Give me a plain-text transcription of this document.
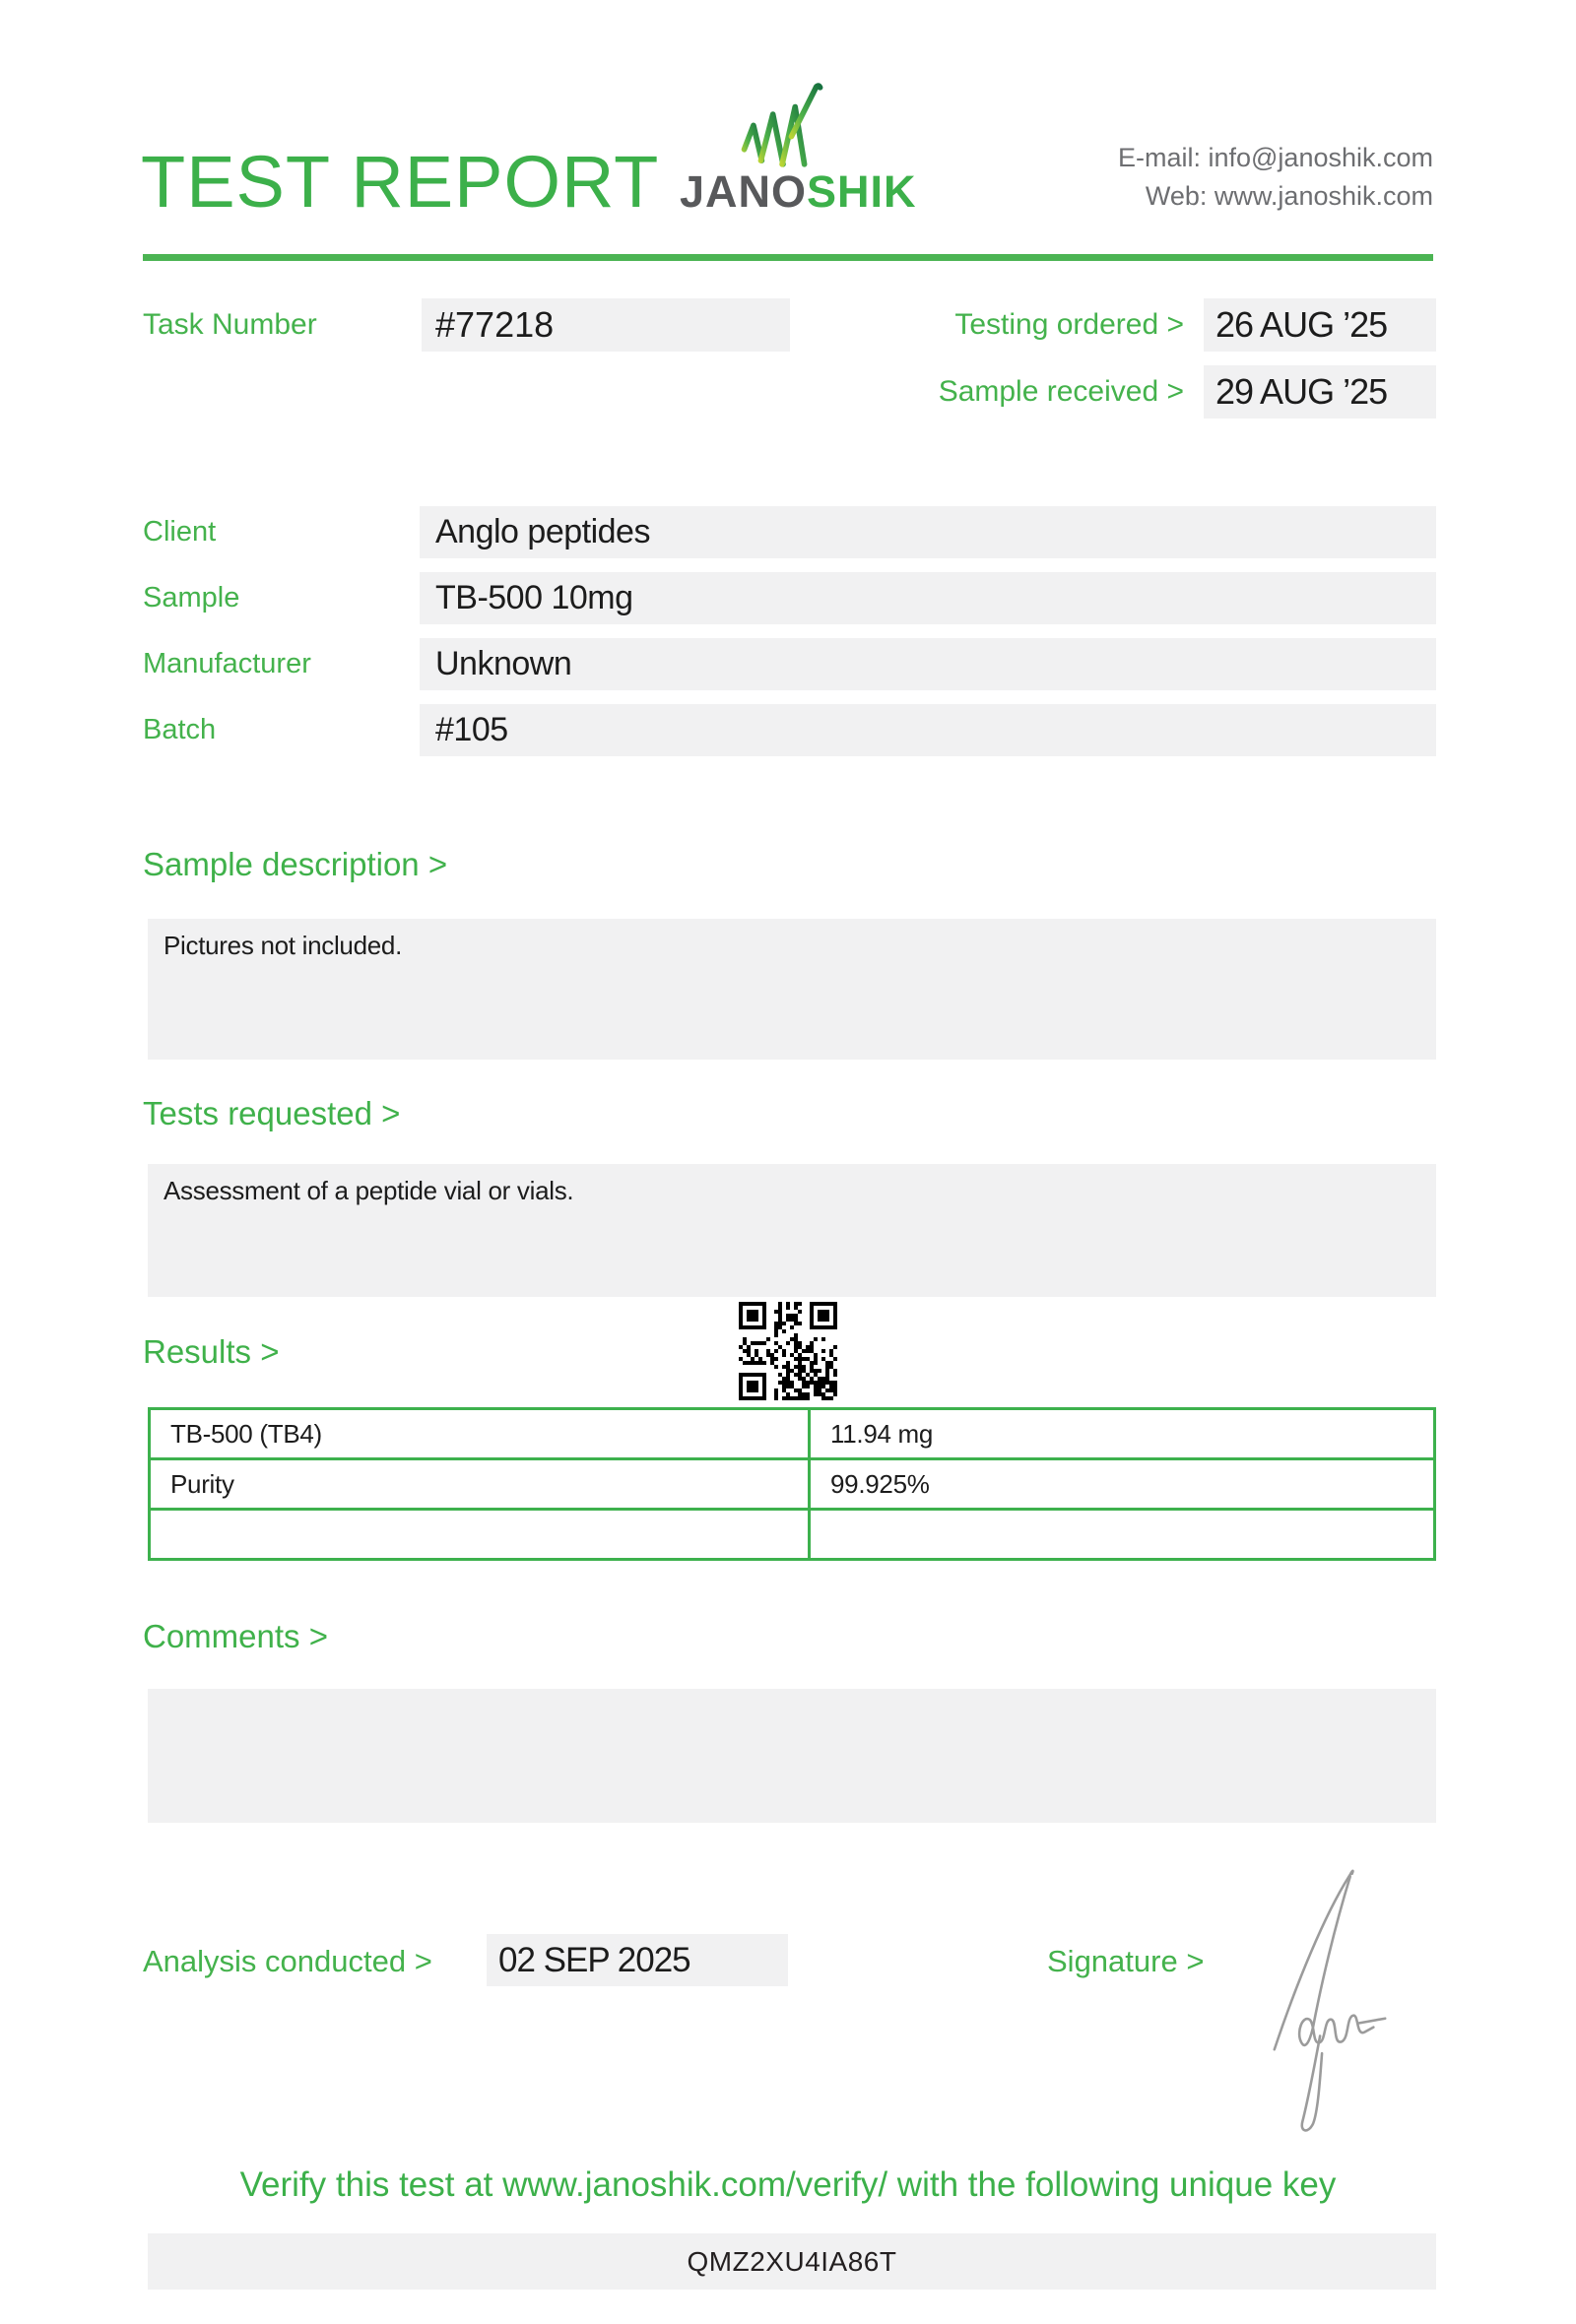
TEST REPORT JANOSHIK
E-mail: info@janoshik.com
Web: www.janoshik.com
Task Number	#77218	Testing ordered > 26 AUG ’25
Sample received > 29 AUG ’25
Client	Anglo peptides
Sample	TB-500 10mg
Manufacturer	Unknown
Batch	#105
Sample description >
Pictures not included.
Tests requested >
Assessment of a peptide vial or vials.
Results >
TB-500 (TB4)	11.94 mg
Purity	99.925%

Comments >
Analysis conducted >	02 SEP 2025	Signature >
Verify this test at www.janoshik.com/verify/ with the following unique key
QMZ2XU4IA86T
